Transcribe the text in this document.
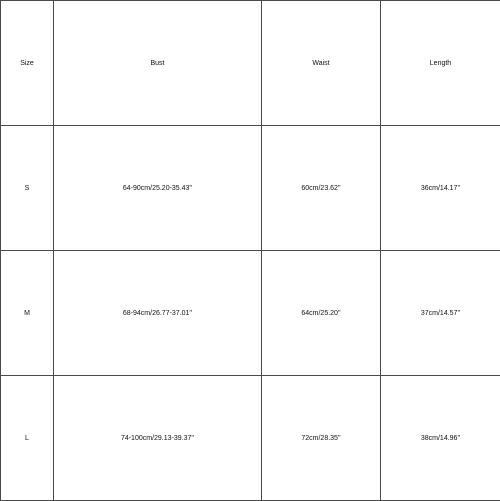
Size	Bust	Waist	Length
S	64-90cm/25.20-35.43''	60cm/23.62''	36cm/14.17''
M	68-94cm/26.77-37.01''	64cm/25.20''	37cm/14.57''
L	74-100cm/29.13-39.37''	72cm/28.35''	38cm/14.96''
